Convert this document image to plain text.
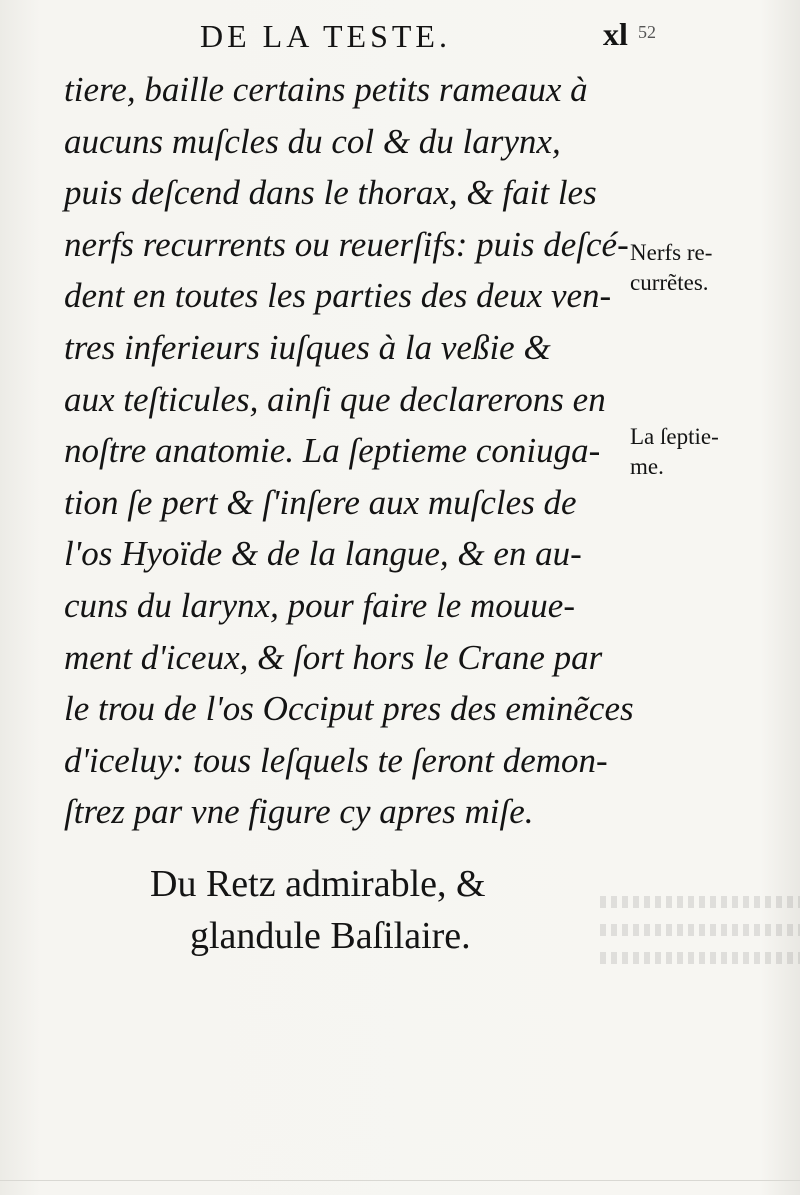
DE LA TESTE.	xl 52
tiere, baille certains petits rameaux à
aucuns muſcles du col & du larynx,
puis deſcend dans le thorax, & fait les
nerfs recurrents ou reuerſifs: puis deſcé-
dent en toutes les parties des deux ven-
tres inferieurs iuſques à la veßie &
aux teſticules, ainſi que declarerons en
noſtre anatomie. La ſeptieme coniuga-
tion ſe pert & ſ'inſere aux muſcles de
l'os Hyoïde & de la langue, & en au-
cuns du larynx, pour faire le mouue-
ment d'iceux, & ſort hors le Crane par
le trou de l'os Occiput pres des eminẽces
d'iceluy: tous leſquels te ſeront demon-
ſtrez par vne figure cy apres miſe.
Nerfs re-
currẽtes.
La ſeptie-
me.
Du Retz admirable, &
glandule Baſilaire.
